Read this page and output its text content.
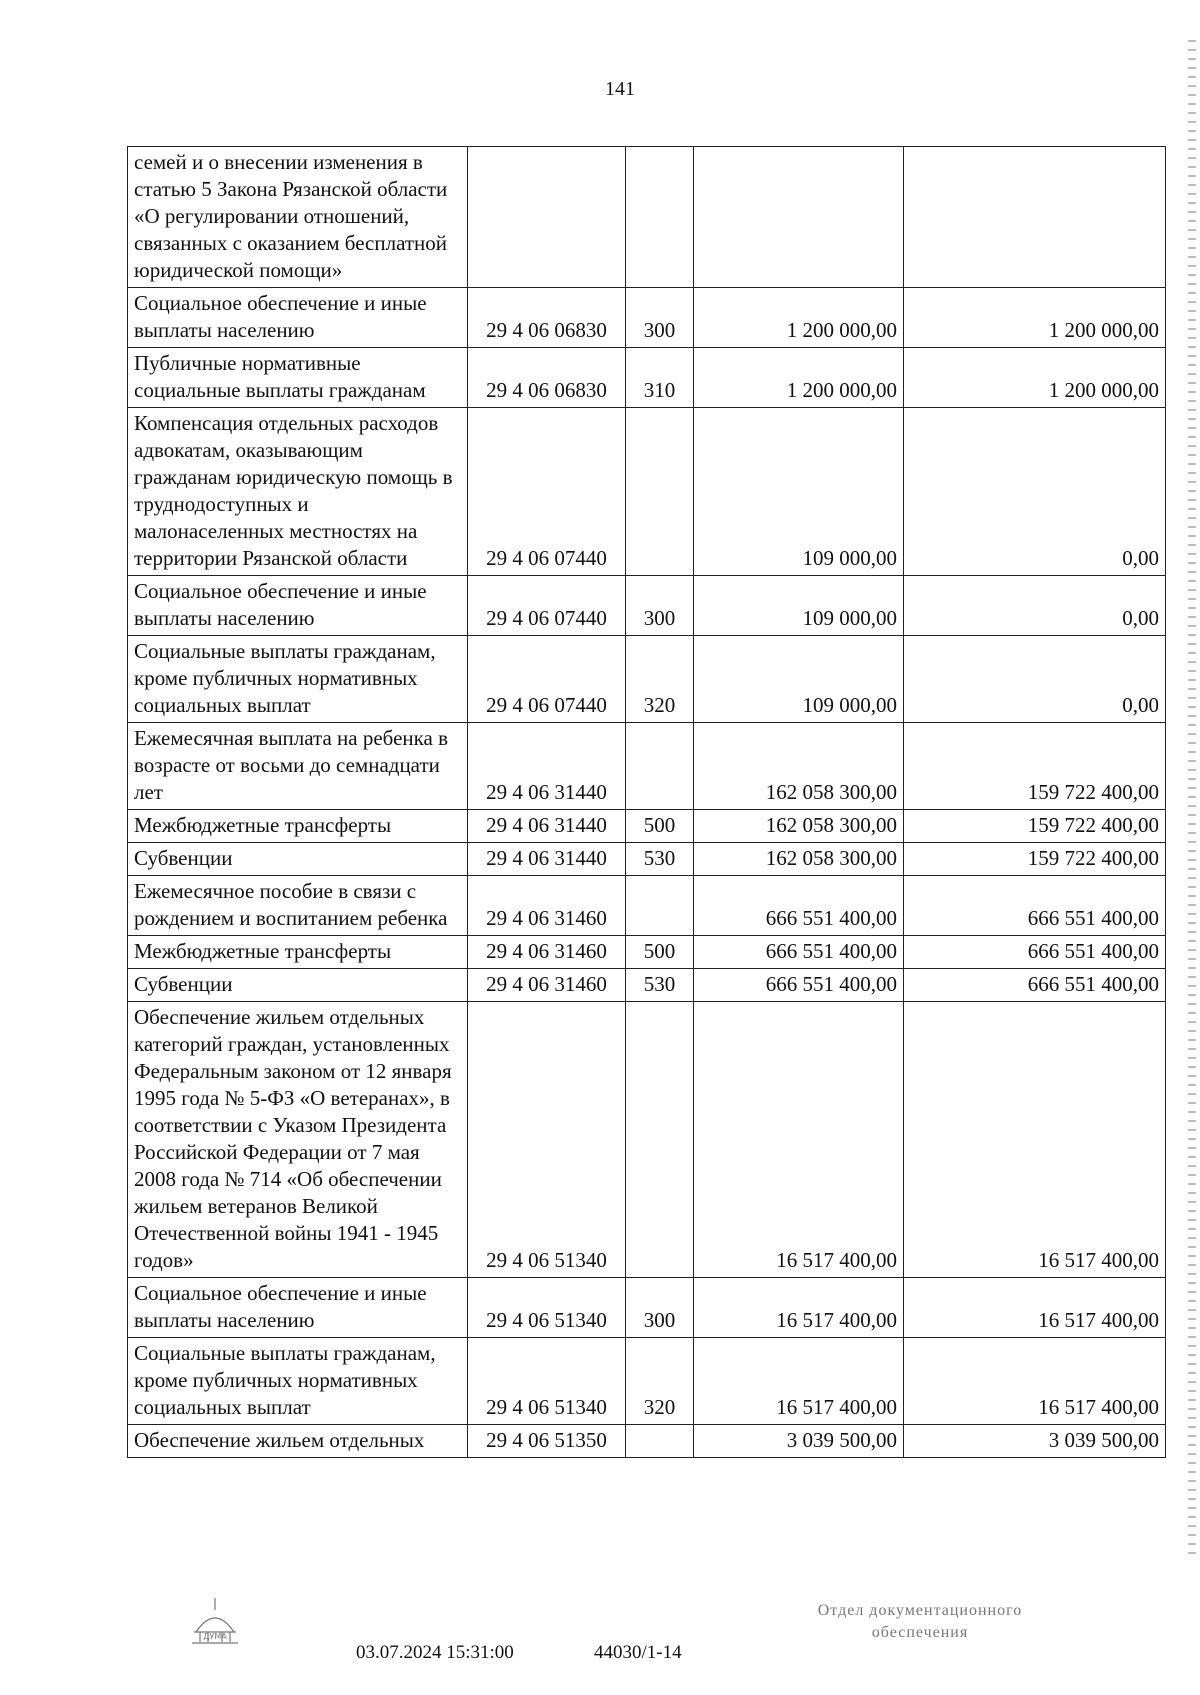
141
семей и о внесении изменения в статью 5 Закона Рязанской области «О регулировании отношений, связанных с оказанием бесплатной юридической помощи»				
Социальное обеспечение и иные выплаты населению	29 4 06 06830	300	1 200 000,00	1 200 000,00
Публичные нормативные социальные выплаты гражданам	29 4 06 06830	310	1 200 000,00	1 200 000,00
Компенсация отдельных расходов адвокатам, оказывающим гражданам юридическую помощь в труднодоступных и малонаселенных местностях на территории Рязанской области	29 4 06 07440		109 000,00	0,00
Социальное обеспечение и иные выплаты населению	29 4 06 07440	300	109 000,00	0,00
Социальные выплаты гражданам, кроме публичных нормативных социальных выплат	29 4 06 07440	320	109 000,00	0,00
Ежемесячная выплата на ребенка в возрасте от восьми до семнадцати лет	29 4 06 31440		162 058 300,00	159 722 400,00
Межбюджетные трансферты	29 4 06 31440	500	162 058 300,00	159 722 400,00
Субвенции	29 4 06 31440	530	162 058 300,00	159 722 400,00
Ежемесячное пособие в связи с рождением и воспитанием ребенка	29 4 06 31460		666 551 400,00	666 551 400,00
Межбюджетные трансферты	29 4 06 31460	500	666 551 400,00	666 551 400,00
Субвенции	29 4 06 31460	530	666 551 400,00	666 551 400,00
Обеспечение жильем отдельных категорий граждан, установленных Федеральным законом от 12 января 1995 года № 5-ФЗ «О ветеранах», в соответствии с Указом Президента Российской Федерации от 7 мая 2008 года № 714 «Об обеспечении жильем ветеранов Великой Отечественной войны 1941 - 1945 годов»	29 4 06 51340		16 517 400,00	16 517 400,00
Социальное обеспечение и иные выплаты населению	29 4 06 51340	300	16 517 400,00	16 517 400,00
Социальные выплаты гражданам, кроме публичных нормативных социальных выплат	29 4 06 51340	320	16 517 400,00	16 517 400,00
Обеспечение жильем отдельных	29 4 06 51350		3 039 500,00	3 039 500,00
ДУМА
03.07.2024 15:31:00	44030/1-14
Отдел документационного
обеспечения
